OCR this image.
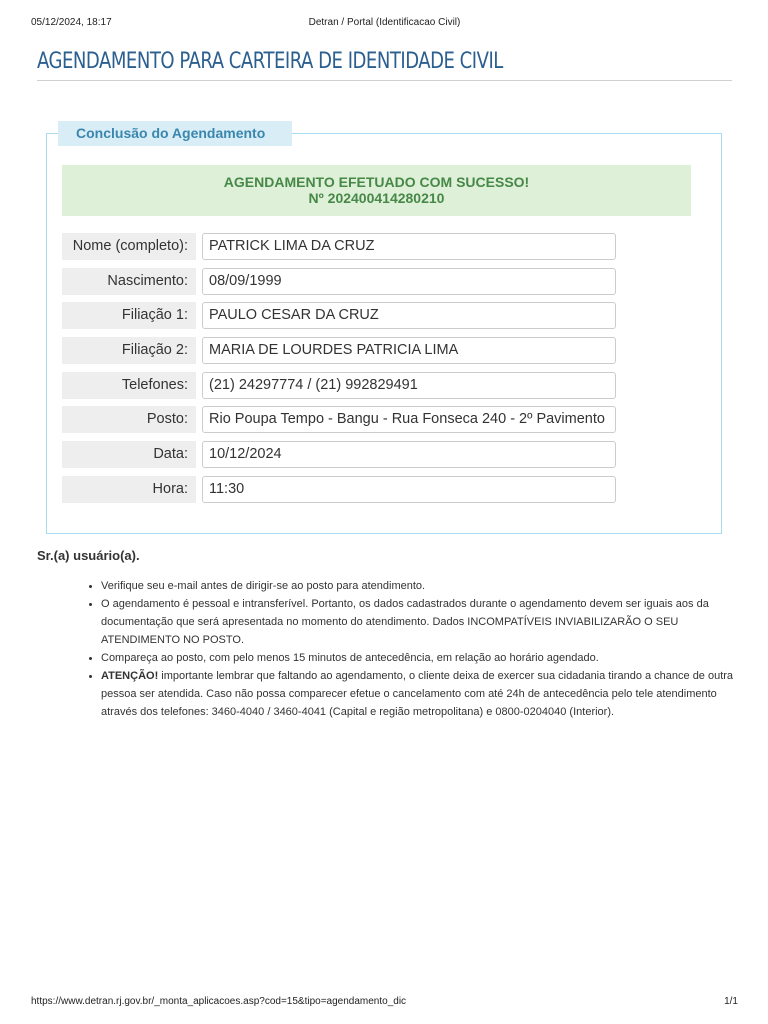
05/12/2024, 18:17	Detran / Portal (Identificacao Civil)
AGENDAMENTO PARA CARTEIRA DE IDENTIDADE CIVIL
Conclusão do Agendamento
AGENDAMENTO EFETUADO COM SUCESSO!
Nº 202400414280210
Nome (completo):	PATRICK LIMA DA CRUZ
Nascimento:	08/09/1999
Filiação 1:	PAULO CESAR DA CRUZ
Filiação 2:	MARIA DE LOURDES PATRICIA LIMA
Telefones:	(21) 24297774 / (21) 992829491
Posto:	Rio Poupa Tempo - Bangu - Rua Fonseca 240 - 2º Pavimento
Data:	10/12/2024
Hora:	11:30
Sr.(a) usuário(a).
• Verifique seu e-mail antes de dirigir-se ao posto para atendimento.
• O agendamento é pessoal e intransferível. Portanto, os dados cadastrados durante o agendamento devem ser iguais aos da documentação que será apresentada no momento do atendimento. Dados INCOMPATÍVEIS INVIABILIZARÃO O SEU ATENDIMENTO NO POSTO.
• Compareça ao posto, com pelo menos 15 minutos de antecedência, em relação ao horário agendado.
• ATENÇÃO! importante lembrar que faltando ao agendamento, o cliente deixa de exercer sua cidadania tirando a chance de outra pessoa ser atendida. Caso não possa comparecer efetue o cancelamento com até 24h de antecedência pelo tele atendimento através dos telefones: 3460-4040 / 3460-4041 (Capital e região metropolitana) e 0800-0204040 (Interior).
https://www.detran.rj.gov.br/_monta_aplicacoes.asp?cod=15&tipo=agendamento_dic	1/1
